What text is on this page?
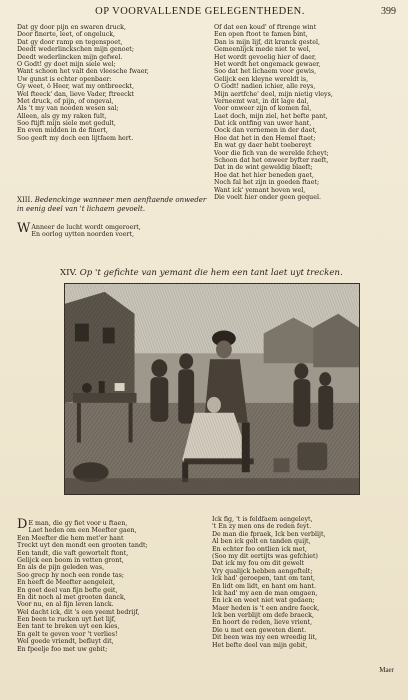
OP VOORVALLENDE GELEGENTHEDEN.	399
Dat gy door pijn en swaren druck,
Door finerte, leet, of ongeluck,
Dat gy door ramp en tegenspoet,
Deedt wederlinckschen mijn genoet;
Deedt wederlincken mijn gefwel.
O Godt! gy doet mijn siele wel;
Want schoon het valt den vleesche fwaer,
Uw gunst is echter openbaer:
Gy weet, ô Heer, wat my ontbreeckt,
Wel fteeck' dan, lieve Vader, ftreeckt
Met druck, of pijn, of ongeval,
Als 't my van nooden wesen sal;
Alleen, als gy my raken fult,
Soo ftijft mijn siele met gedult,
En even midden in de finert,
Soo geeft my doch een lijtfaem hert.
Of dat een koud' of ftrenge wint
Een open ftoot te famen bint,
Dan is mijn lijf, dit kranck gestel,
Gemeenlijck mede niet te wel,
Het wordt gevoelig hier of daer,
Het wordt het ongemack gewaer,
Soo dat het lichaem voor gewis,
Gelijck een kleyne wereldt is,
O Godt! nadien ichier, alle reys,
Mijn aertfche' deel, mijn nietig vleys,
Verneemt wat, in dit lage dal,
Voor onweer zijn of komen fal,
Laet doch, mijn ziel, het befte pant,
Dat ick ontfing van uwer hant,
Oock dan vernemen in der daet,
Hoe dat het in den Hemel ftaet;
En wat gy daer hebt toebereyt
Voor die fich van de werelde fcheyt;
Schoon dat het onweer byfter raeft,
Dat in de wint geweldig blaeft;
Hoe dat het hier beneden gaet,
Noch fal het zijn in goeden ftaet;
Want ick' yemant hoven wel,
Die voelt hier onder geen gequel.
XIII. Bedenckinge wanneer men aenftaende onweder in eenig deel van 't lichaem gevoelt.
W Anneer de lucht wordt omgeroert,
En oorlog uytten noorden voert,
XIV. Op 't gefichte van yemant die hem een tant laet uyt trecken.
D E man, die gy fiet voor u ftaen,
Laet heden om een Meefter gaen,
Een Meefter die hem met'er hant
Treckt uyt den mondt een grooten tandt;
Een tandt, die vaft gewortelt ftont,
Gelijck een boom in vetten gront,
En als de pijn geleden was,
Soo grecp hy noch een ronde tas;
En heeft de Meefter aengeleit,
En goet deel van fijn befte geit,
En dit noch al met grooten danck,
Voor nu, en al fijn leven lanck.
Wel dacht ick, dit 's een yeemt bedrijf,
Een been te rucken uyt het lijf,
Een tant te breken uyt een kies,
En gelt te geven voor 't verlies!
Wel goede vriendt, befluyt dit,
En fpeelje foo met uw gebit;
Ick fig, 't is feldfaem aengeleyt,
't En zy men ons de reden feyt.
De man die fpraek, Ick ben verblijt,
Al ben ick gelt en tanden quijt,
En echter foo ontlien ick met,
(Soo my dit eertijts was gefchiet)
Dat ick my fou om dit gewelt
Vry qualijck hebben aengeftelt;
Ick had' geroepen, tant om tant,
En lidt om lidt, en hant om hant.
Ick had' my aen de man omgaen,
En ick en weet niet wat gedaen;
Maer heden is 't een andre faeck,
Ick ben verblijt om defe braeck,
En hoort de reden, lieve vrient,
Die u met een geweten dient.
Dit been was my een wreedig lit,
Het befte deel van mijn gebit,
Maer
